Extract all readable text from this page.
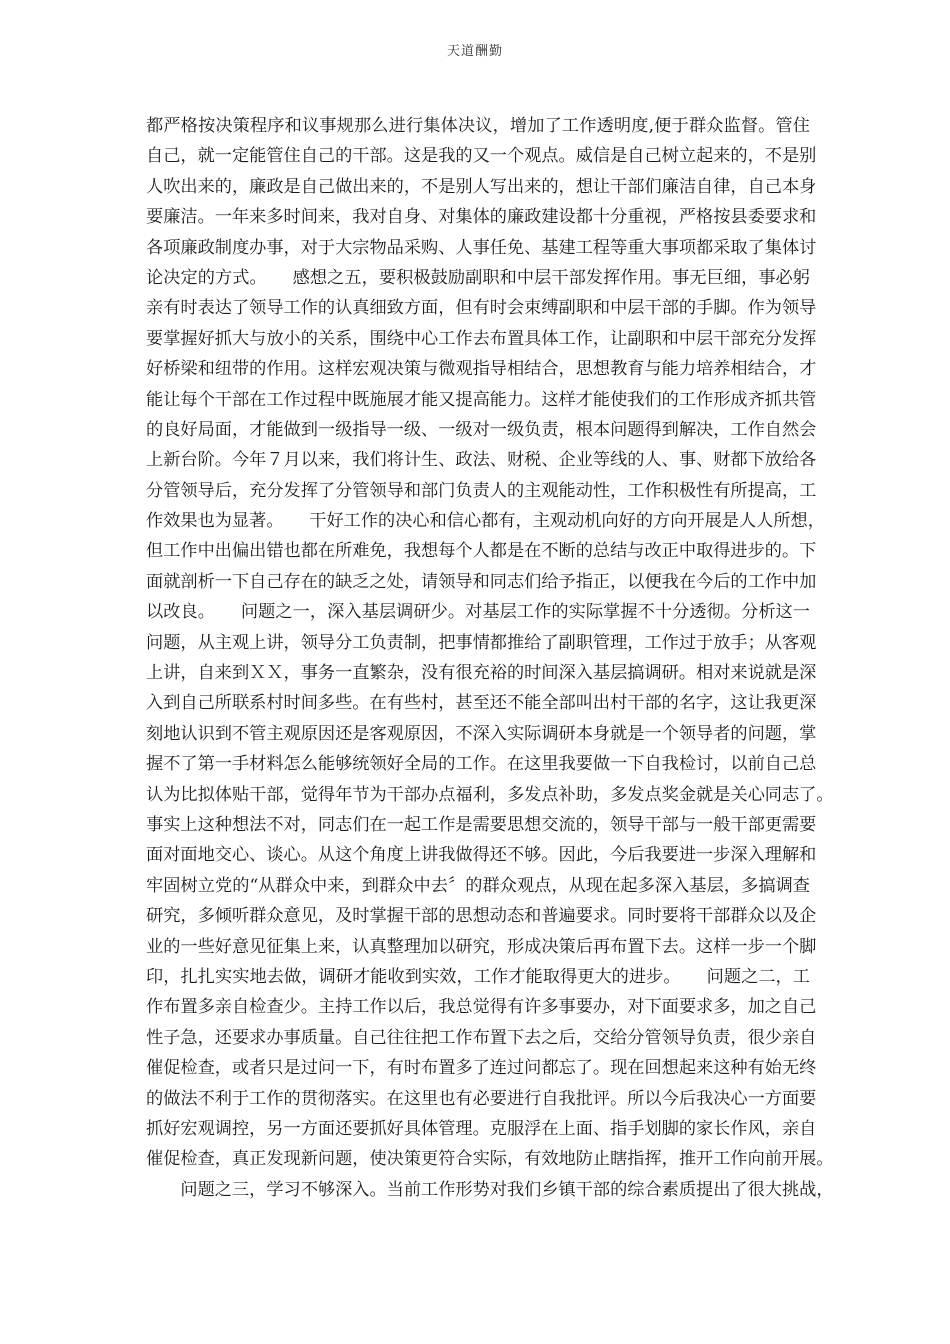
天道酬勤
都严格按决策程序和议事规那么进行集体决议，增加了工作透明度,便于群众监督。管住
自己，就一定能管住自己的干部。这是我的又一个观点。威信是自己树立起来的，不是别
人吹出来的，廉政是自己做出来的，不是别人写出来的，想让干部们廉洁自律，自己本身
要廉洁。一年来多时间来，我对自身、对集体的廉政建设都十分重视，严格按县委要求和
各项廉政制度办事，对于大宗物品采购、人事任免、基建工程等重大事项都采取了集体讨
论决定的方式。　　感想之五，要积极鼓励副职和中层干部发挥作用。事无巨细，事必躬
亲有时表达了领导工作的认真细致方面，但有时会束缚副职和中层干部的手脚。作为领导
要掌握好抓大与放小的关系，围绕中心工作去布置具体工作，让副职和中层干部充分发挥
好桥梁和纽带的作用。这样宏观决策与微观指导相结合，思想教育与能力培养相结合，才
能让每个干部在工作过程中既施展才能又提高能力。这样才能使我们的工作形成齐抓共管
的良好局面，才能做到一级指导一级、一级对一级负责，根本问题得到解决，工作自然会
上新台阶。今年７月以来，我们将计生、政法、财税、企业等线的人、事、财都下放给各
分管领导后，充分发挥了分管领导和部门负责人的主观能动性，工作积极性有所提高，工
作效果也为显著。　　干好工作的决心和信心都有，主观动机向好的方向开展是人人所想，
但工作中出偏出错也都在所难免，我想每个人都是在不断的总结与改正中取得进步的。下
面就剖析一下自己存在的缺乏之处，请领导和同志们给予指正，以便我在今后的工作中加
以改良。　　问题之一，深入基层调研少。对基层工作的实际掌握不十分透彻。分析这一
问题，从主观上讲，领导分工负责制，把事情都推给了副职管理，工作过于放手；从客观
上讲，自来到ＸＸ，事务一直繁杂，没有很充裕的时间深入基层搞调研。相对来说就是深
入到自己所联系村时间多些。在有些村，甚至还不能全部叫出村干部的名字，这让我更深
刻地认识到不管主观原因还是客观原因，不深入实际调研本身就是一个领导者的问题，掌
握不了第一手材料怎么能够统领好全局的工作。在这里我要做一下自我检讨，以前自己总
认为比拟体贴干部，觉得年节为干部办点福利，多发点补助，多发点奖金就是关心同志了。
事实上这种想法不对，同志们在一起工作是需要思想交流的，领导干部与一般干部更需要
面对面地交心、谈心。从这个角度上讲我做得还不够。因此，今后我要进一步深入理解和
牢固树立党的“从群众中来，到群众中去〞的群众观点，从现在起多深入基层，多搞调查
研究，多倾听群众意见，及时掌握干部的思想动态和普遍要求。同时要将干部群众以及企
业的一些好意见征集上来，认真整理加以研究，形成决策后再布置下去。这样一步一个脚
印，扎扎实实地去做，调研才能收到实效，工作才能取得更大的进步。　　问题之二，工
作布置多亲自检查少。主持工作以后，我总觉得有许多事要办，对下面要求多，加之自己
性子急，还要求办事质量。自己往往把工作布置下去之后，交给分管领导负责，很少亲自
催促检查，或者只是过问一下，有时布置多了连过问都忘了。现在回想起来这种有始无终
的做法不利于工作的贯彻落实。在这里也有必要进行自我批评。所以今后我决心一方面要
抓好宏观调控，另一方面还要抓好具体管理。克服浮在上面、指手划脚的家长作风，亲自
催促检查，真正发现新问题，使决策更符合实际，有效地防止瞎指挥，推开工作向前开展。
　　问题之三，学习不够深入。当前工作形势对我们乡镇干部的综合素质提出了很大挑战，
